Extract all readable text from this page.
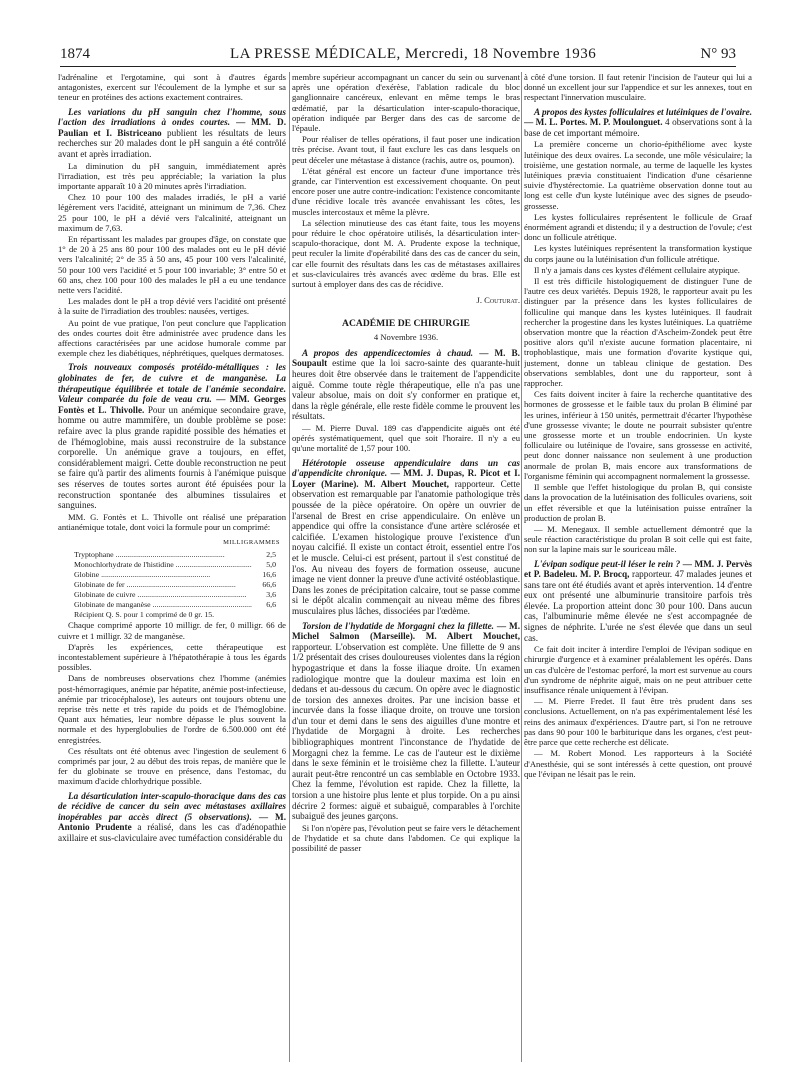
1874	LA PRESSE MÉDICALE, Mercredi, 18 Novembre 1936	N° 93

l'adrénaline et l'ergotamine, qui sont à d'autres égards antagonistes, exercent sur l'écoulement de la lymphe et sur sa teneur en protéines des actions exactement contraires.

Les variations du pH sanguin chez l'homme, sous l'action des irradiations à ondes courtes. — MM. D. Paulian et I. Bistriceano publient les résultats de leurs recherches sur 20 malades dont le pH sanguin a été contrôlé avant et après irradiation.

La diminution du pH sanguin, immédiatement après l'irradiation, est très peu appréciable; la variation la plus importante apparaît 10 à 20 minutes après l'irradiation.

Chez 10 pour 100 des malades irradiés, le pH a varié légèrement vers l'acidité, atteignant un minimum de 7,36. Chez 25 pour 100, le pH a dévié vers l'alcalinité, atteignant un maximum de 7,63.

En répartissant les malades par groupes d'âge, on constate que 1° de 20 à 25 ans 80 pour 100 des malades ont eu le pH dévié vers l'alcalinité; 2° de 35 à 50 ans, 45 pour 100 vers l'alcalinité, 50 pour 100 vers l'acidité et 5 pour 100 invariable; 3° entre 50 et 60 ans, chez 100 pour 100 des malades le pH a eu une tendance nette vers l'acidité.

Les malades dont le pH a trop dévié vers l'acidité ont présenté à la suite de l'irradiation des troubles: nausées, vertiges.

Au point de vue pratique, l'on peut conclure que l'application des ondes courtes doit être administrée avec prudence dans les affections caractérisées par une acidose humorale comme par exemple chez les diabétiques, néphrétiques, quelques dermatoses.

Trois nouveaux composés protéido-métalliques : les globinates de fer, de cuivre et de manganèse. La thérapeutique équilibrée et totale de l'anémie secondaire. Valeur comparée du foie de veau cru. — MM. Georges Fontès et L. Thivolle. Pour un anémique secondaire grave, homme ou autre mammifère, un double problème se pose: refaire avec la plus grande rapidité possible des hématies et de l'hémoglobine, mais aussi reconstruire de la substance corporelle. Un anémique grave a toujours, en effet, considérablement maigri. Cette double reconstruction ne peut se faire qu'à partir des aliments fournis à l'anémique puisque ses réserves de toutes sortes auront été épuisées pour la reconstruction spontanée des albumines tissulaires et sanguines.

MM. G. Fontès et L. Thivolle ont réalisé une préparation antianémique totale, dont voici la formule pour un comprimé:

MILLIGRAMMES
Tryptophane .....	2,5
Monochlorhydrate de l'histidine .....	5,0
Globine .....	16,6
Globinate de fer .....	66,6
Globinate de cuivre .....	3,6
Globinate de manganèse .....	6,6
Récipient Q. S. pour 1 comprimé de 0 gr. 15.

Chaque comprimé apporte 10 milligr. de fer, 0 milligr. 66 de cuivre et 1 milligr. 32 de manganèse.

D'après les expériences, cette thérapeutique est incontestablement supérieure à l'hépatothérapie à tous les égards possibles.

Dans de nombreuses observations chez l'homme (anémies post-hémorragiques, anémie par hépatite, anémie post-infectieuse, anémie par tricocéphalose), les auteurs ont toujours obtenu une reprise très nette et très rapide du poids et de l'hémoglobine. Quant aux hématies, leur nombre dépasse le plus souvent la normale et des hyperglobulies de l'ordre de 6.500.000 ont été enregistrées.

Ces résultats ont été obtenus avec l'ingestion de seulement 6 comprimés par jour, 2 au début des trois repas, de manière que le fer du globinate se trouve en présence, dans l'estomac, du maximum d'acide chlorhydrique possible.

La désarticulation inter-scapulo-thoracique dans des cas de récidive de cancer du sein avec métastases axillaires inopérables par accès direct (5 observations). — M. Antonio Prudente a réalisé, dans les cas d'adénopathie axillaire et sus-claviculaire avec tuméfaction considérable du

membre supérieur accompagnant un cancer du sein ou survenant après une opération d'exérèse, l'ablation radicale du bloc ganglionnaire cancéreux, enlevant en même temps le bras œdématié, par la désarticulation inter-scapulo-thoracique, opération indiquée par Berger dans des cas de sarcome de l'épaule.

Pour réaliser de telles opérations, il faut poser une indication très précise. Avant tout, il faut exclure les cas dans lesquels on peut déceler une métastase à distance (rachis, autre os, poumon).

L'état général est encore un facteur d'une importance très grande, car l'intervention est excessivement choquante. On peut encore poser une autre contre-indication: l'existence concomitante d'une récidive locale très avancée envahissant les côtes, les muscles intercostaux et même la plèvre.

La sélection minutieuse des cas étant faite, tous les moyens pour réduire le choc opératoire utilisés, la désarticulation inter-scapulo-thoracique, dont M. A. Prudente expose la technique, peut reculer la limite d'opérabilité dans des cas de cancer du sein, car elle fournit des résultats dans les cas de métastases axillaires et sus-claviculaires très avancés avec œdème du bras. Elle est surtout à employer dans des cas de récidive.

J. Couturat.
ACADÉMIE DE CHIRURGIE
4 Novembre 1936.
A propos des appendicectomies à chaud. — M. B. Soupault estime que la loi sacro-sainte des quarante-huit heures doit être observée dans le traitement de l'appendicite aiguë. Comme toute règle thérapeutique, elle n'a pas une valeur absolue, mais on doit s'y conformer en pratique et, dans la règle générale, elle reste fidèle comme le prouvent les résultats.

— M. Pierre Duval. 189 cas d'appendicite aiguës ont été opérés systématiquement, quel que soit l'horaire. Il n'y a eu qu'une mortalité de 1,57 pour 100.

Hétérotopie osseuse appendiculaire dans un cas d'appendicite chronique. — MM. J. Dupas, R. Picot et I. Loyer (Marine). M. Albert Mouchet, rapporteur. Cette observation est remarquable par l'anatomie pathologique très poussée de la pièce opératoire. On opère un ouvrier de l'arsenal de Brest en crise appendiculaire. On enlève un appendice qui offre la consistance d'une artère sclérosée et calcifiée. L'examen histologique prouve l'existence d'un noyau calcifié. Il existe un contact étroit, essentiel entre l'os et le muscle. Celui-ci est présent, partout il s'est constitué de l'os. Au niveau des foyers de formation osseuse, aucune image ne vient donner la preuve d'une activité ostéoblastique. Dans les zones de précipitation calcaire, tout se passe comme si le dépôt alcalin commençait au niveau même des fibres musculaires plus lâches, dissociées par l'œdème.
Torsion de l'hydatide de Morgagni chez la fillette. — M. Michel Salmon (Marseille). M. Albert Mouchet, rapporteur. L'observation est complète. Une fillette de 9 ans 1/2 présentait des crises douloureuses violentes dans la région hypogastrique et dans la fosse iliaque droite. Un examen radiologique montre que la douleur maxima est loin en dedans et au-dessous du cæcum. On opère avec le diagnostic de torsion des annexes droites. Par une incision basse et incurvée dans la fosse iliaque droite, on trouve une torsion d'un tour et demi dans le sens des aiguilles d'une montre et l'hydatide de Morgagni à droite. Les recherches bibliographiques montrent l'inconstance de l'hydatide de Morgagni chez la femme. Le cas de l'auteur est le dixième dans le sexe féminin et le troisième chez la fillette. L'auteur aurait peut-être rencontré un cas semblable en Octobre 1933. Chez la femme, l'évolution est rapide. Chez la fillette, la torsion a une histoire plus lente et plus torpide. On a pu ainsi décrire 2 formes: aiguë et subaiguë, comparables à l'orchite subaiguë des jeunes garçons.

Si l'on n'opère pas, l'évolution peut se faire vers le détachement de l'hydatide et sa chute dans l'abdomen. Ce qui explique la possibilité de passer

à côté d'une torsion. Il faut retenir l'incision de l'auteur qui lui a donné un excellent jour sur l'appendice et sur les annexes, tout en respectant l'innervation musculaire.

A propos des kystes folliculaires et lutéiniques de l'ovaire. — M. L. Portes. M. P. Moulonguet. 4 observations sont à la base de cet important mémoire.

La première concerne un chorio-épithéliome avec kyste lutéinique des deux ovaires. La seconde, une môle vésiculaire; la troisième, une gestation normale, au terme de laquelle les kystes lutéiniques prævia constituaient l'indication d'une césarienne suivie d'hystérectomie. La quatrième observation donne tout au long est celle d'un kyste lutéinique avec des signes de pseudo-grossesse.

Les kystes folliculaires représentent le follicule de Graaf énormément agrandi et distendu; il y a destruction de l'ovule; c'est donc un follicule atrétique.

Les kystes lutéiniques représentent la transformation kystique du corps jaune ou la lutéinisation d'un follicule atrétique.

Il n'y a jamais dans ces kystes d'élément cellulaire atypique.

Il est très difficile histologiquement de distinguer l'une de l'autre ces deux variétés. Depuis 1928, le rapporteur avait pu les distinguer par la présence dans les kystes folliculaires de folliculine qui manque dans les kystes lutéiniques. Il faudrait rechercher la progestine dans les kystes lutéiniques. La quatrième observation montre que la réaction d'Ascheim-Zondek peut être positive alors qu'il n'existe aucune formation placentaire, ni trophoblastique, mais une formation d'ovarite kystique qui, justement, donne un tableau clinique de gestation. Des observations semblables, dont une du rapporteur, sont à rapprocher.

Ces faits doivent inciter à faire la recherche quantitative des hormones de grossesse et le faible taux du prolan B éliminé par les urines, inférieur à 150 unités, permettrait d'écarter l'hypothèse d'une grossesse vivante; le doute ne pourrait subsister qu'entre une grossesse morte et un trouble endocrinien. Un kyste folliculaire ou lutéinique de l'ovaire, sans grossesse en activité, peut donc donner naissance non seulement à une production anormale de prolan B, mais encore aux transformations de l'organisme féminin qui accompagnent normalement la grossesse.

Il semble que l'effet histologique du prolan B, qui consiste dans la provocation de la lutéinisation des follicules ovariens, soit un effet réversible et que la lutéinisation puisse entraîner la production de prolan B.

— M. Menegaux. Il semble actuellement démontré que la seule réaction caractéristique du prolan B soit celle qui est faite, non sur la lapine mais sur le souriceau mâle.

L'évipan sodique peut-il léser le rein ? — MM. J. Pervès et P. Badeleu. M. P. Brocq, rapporteur. 47 malades jeunes et sans tare ont été étudiés avant et après intervention. 14 d'entre eux ont présenté une albuminurie transitoire parfois très élevée. La proportion atteint donc 30 pour 100. Dans aucun cas, l'albuminurie même élevée ne s'est accompagnée de signes de néphrite. L'urée ne s'est élevée que dans un seul cas.

Ce fait doit inciter à interdire l'emploi de l'évipan sodique en chirurgie d'urgence et à examiner préalablement les opérés. Dans un cas d'ulcère de l'estomac perforé, la mort est survenue au cours d'un syndrome de néphrite aiguë, mais on ne peut attribuer cette insuffisance rénale uniquement à l'évipan.

— M. Pierre Fredet. Il faut être très prudent dans ses conclusions. Actuellement, on n'a pas expérimentalement lésé les reins des animaux d'expériences. D'autre part, si l'on ne retrouve pas dans 90 pour 100 le barbiturique dans les organes, c'est peut-être parce que cette recherche est délicate.

— M. Robert Monod. Les rapporteurs à la Société d'Anesthésie, qui se sont intéressés à cette question, ont prouvé que l'évipan ne lésait pas le rein.
